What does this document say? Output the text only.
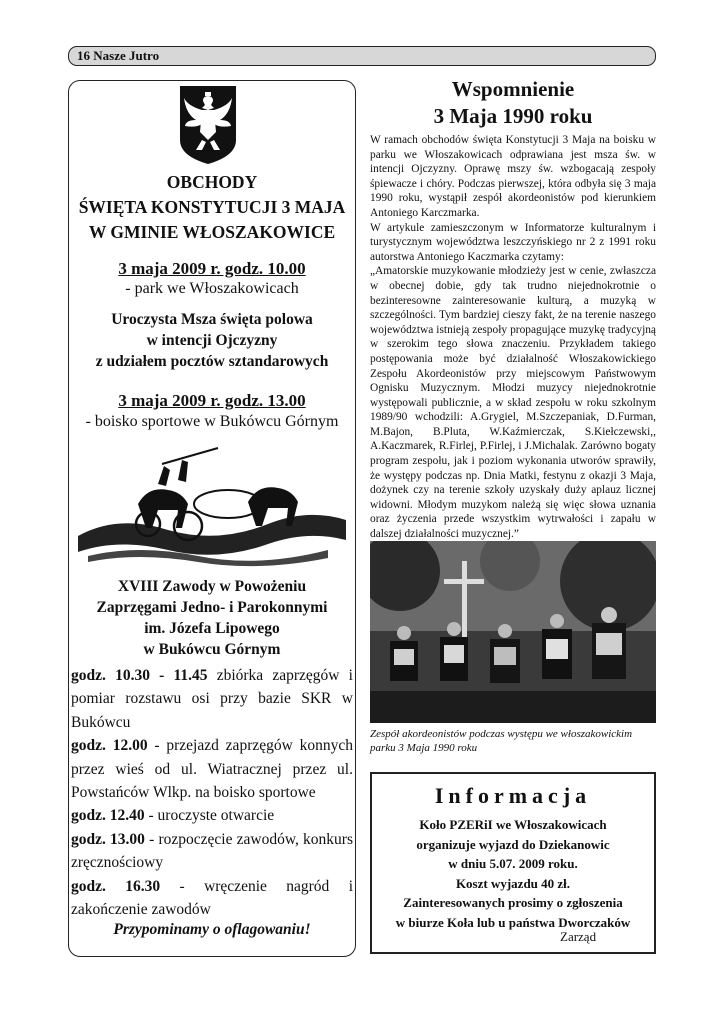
16 Nasze Jutro
OBCHODY
ŚWIĘTA KONSTYTUCJI 3 MAJA
W GMINIE WŁOSZAKOWICE
3 maja 2009 r. godz. 10.00
- park we Włoszakowicach
Uroczysta Msza święta polowa
w intencji Ojczyzny
z udziałem pocztów sztandarowych
3 maja 2009 r. godz. 13.00
- boisko sportowe w Bukówcu Górnym
XVIII Zawody w Powożeniu
Zaprzęgami Jedno- i Parokonnymi
im. Józefa Lipowego
w Bukówcu Górnym
godz. 10.30 - 11.45 zbiórka zaprzęgów i pomiar rozstawu osi przy bazie SKR w Bukówcu
godz. 12.00 - przejazd zaprzęgów konnych przez wieś od ul. Wiatracznej przez ul. Powstańców Wlkp. na boisko sportowe
godz. 12.40 - uroczyste otwarcie
godz. 13.00 - rozpoczęcie zawodów, konkurs zręcznościowy
godz. 16.30 - wręczenie nagród i zakończenie zawodów
Przypominamy o oflagowaniu!
Wspomnienie
3 Maja 1990 roku

W ramach obchodów święta Konstytucji 3 Maja na boisku w parku we Włoszakowicach odprawiana jest msza św. w intencji Ojczyzny. Oprawę mszy św. wzbogacają zespoły śpiewacze i chóry. Podczas pierwszej, która odbyła się 3 maja 1990 roku, wystąpił zespół akordeonistów pod kierunkiem Antoniego Karczmarka.

W artykule zamieszczonym w Informatorze kulturalnym i turystycznym województwa leszczyńskiego nr 2 z 1991 roku autorstwa Antoniego Kaczmarka czytamy:

„Amatorskie muzykowanie młodzieży jest w cenie, zwłaszcza w obecnej dobie, gdy tak trudno niejednokrotnie o bezinteresowne zainteresowanie kulturą, a muzyką w szczególności. Tym bardziej cieszy fakt, że na terenie naszego województwa istnieją zespoły propagujące muzykę tradycyjną w szerokim tego słowa znaczeniu. Przykładem takiego postępowania może być działalność Włoszakowickiego Zespołu Akordeonistów przy miejscowym Państwowym Ognisku Muzycznym. Młodzi muzycy niejednokrotnie występowali publicznie, a w skład zespołu w roku szkolnym 1989/90 wchodzili: A.Grygiel, M.Szczepaniak, D.Furman, M.Bajon, B.Pluta, W.Kaźmierczak, S.Kiełczewski,, A.Kaczmarek, R.Firlej, P.Firlej, i J.Michalak. Zarówno bogaty program zespołu, jak i poziom wykonania utworów sprawiły, że występy podczas np. Dnia Matki, festynu z okazji 3 Maja, dożynek czy na terenie szkoły uzyskały duży aplauz licznej widowni. Młodym muzykom należą się więc słowa uznania oraz życzenia przede wszystkim wytrwałości i zapału w dalszej działalności muzycznej.”

Zespół akordeonistów podczas występu we włoszakowickim parku 3 Maja 1990 roku
Informacja
Koło PZERiI we Włoszakowicach
organizuje wyjazd do Dziekanowic
w dniu 5.07. 2009 roku.
Koszt wyjazdu 40 zł.
Zainteresowanych prosimy o zgłoszenia
w biurze Koła lub u państwa Dworczaków
Zarząd
